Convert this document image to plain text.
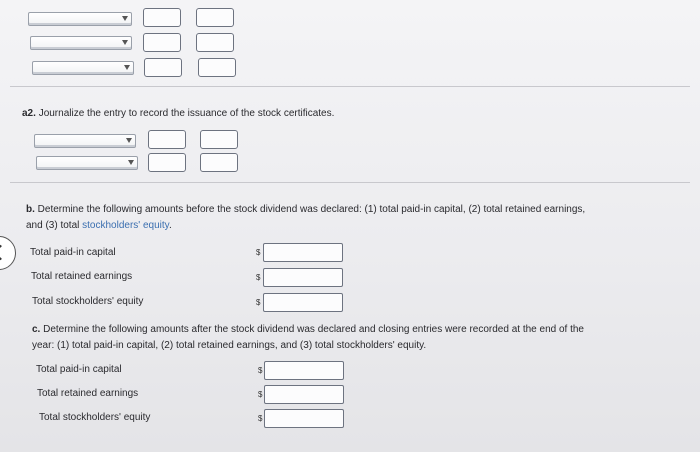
a2. Journalize the entry to record the issuance of the stock certificates.
b. Determine the following amounts before the stock dividend was declared: (1) total paid-in capital, (2) total retained earnings,
and (3) total stockholders' equity.
Total paid-in capital	$
Total retained earnings	$
Total stockholders' equity	$
c. Determine the following amounts after the stock dividend was declared and closing entries were recorded at the end of the
year: (1) total paid-in capital, (2) total retained earnings, and (3) total stockholders' equity.
Total paid-in capital	$
Total retained earnings	$
Total stockholders' equity	$
